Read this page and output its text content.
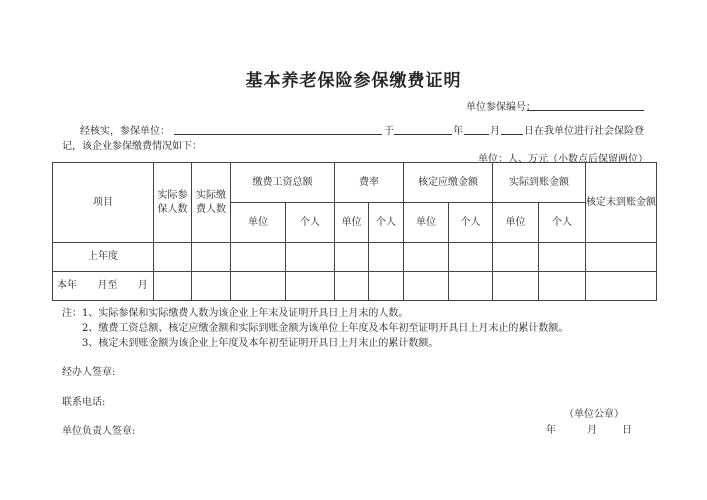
基本养老保险参保缴费证明
单位参保编号：
经核实，参保单位：	于	年	月 日在我单位进行社会保险登
记，该企业参保缴费情况如下：
单位：人、万元（小数点后保留两位）
项目	实际参保人数	实际缴费人数	缴费工资总额		费率		核定应缴金额		实际到账金额		核定未到账金额
			单位	个人	单位	个人	单位	个人	单位	个人	
上年度											
本年 月至 月											
注：1、实际参保和实际缴费人数为该企业上年末及证明开具日上月末的人数。
2、缴费工资总额、核定应缴金额和实际到账金额为该单位上年度及本年初至证明开具日上月末止的累计数额。
3、核定未到账金额为该企业上年度及本年初至证明开具日上月末止的累计数额。
经办人签章:
联系电话:
（单位公章）
单位负责人签章:	年	月	日
